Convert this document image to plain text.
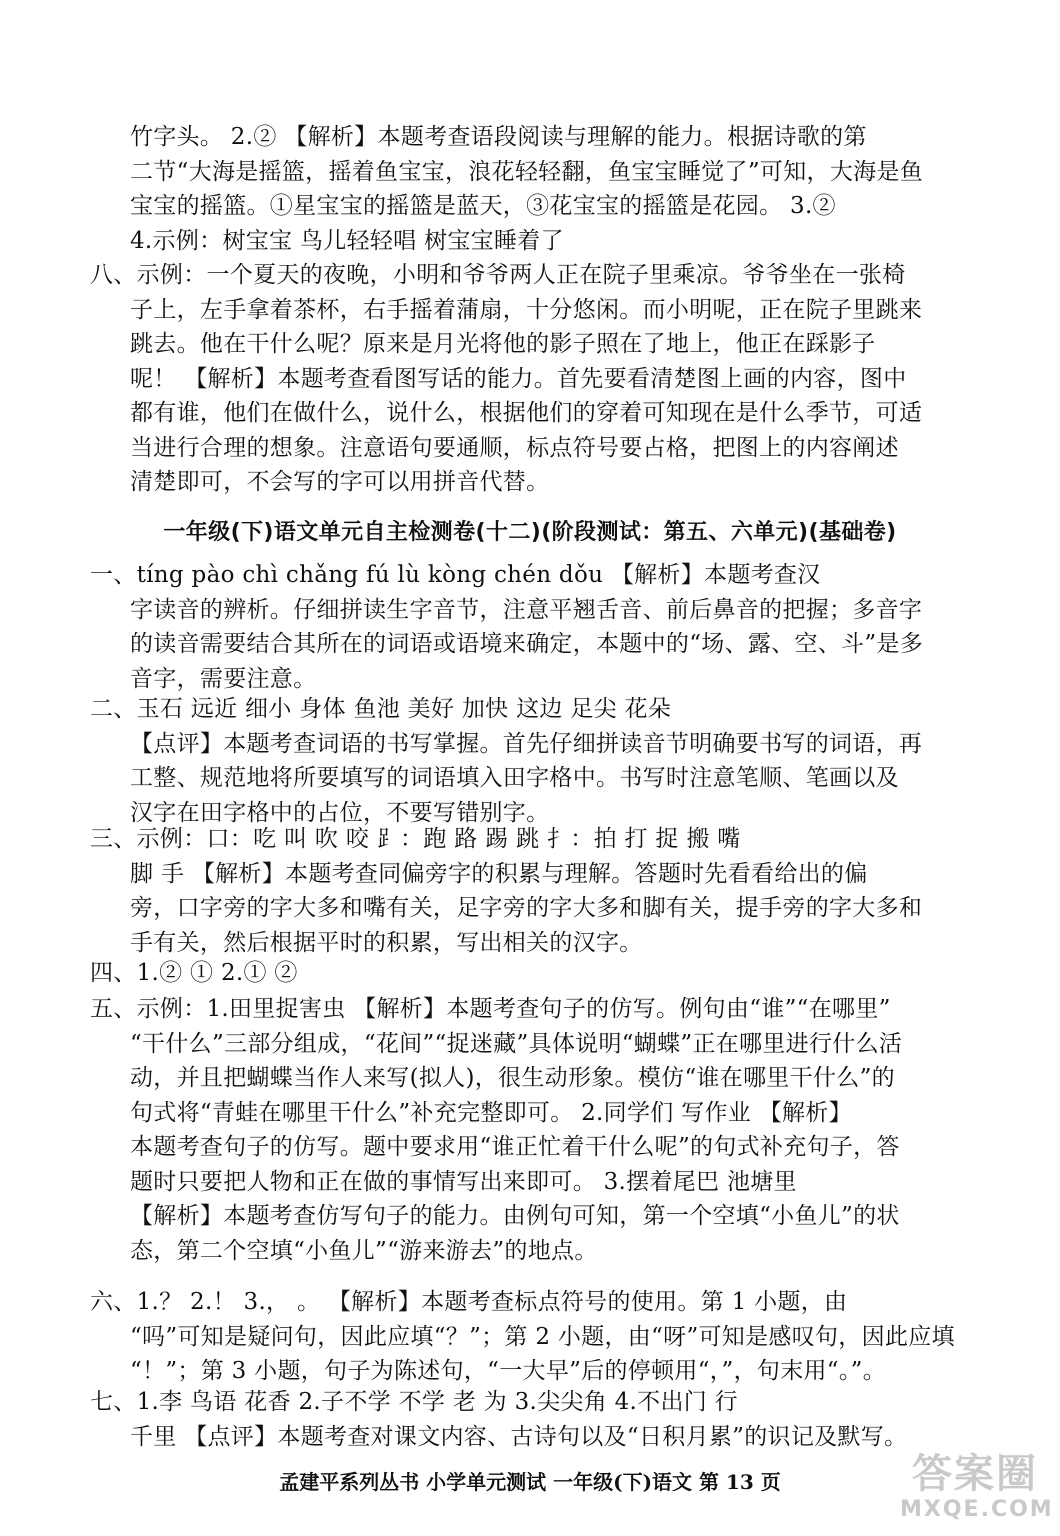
竹字头。 2.② 【解析】本题考查语段阅读与理解的能力。根据诗歌的第

二节“大海是摇篮，摇着鱼宝宝，浪花轻轻翻，鱼宝宝睡觉了”可知，大海是鱼

宝宝的摇篮。①星宝宝的摇篮是蓝天，③花宝宝的摇篮是花园。 3.②

4.示例：树宝宝 鸟儿轻轻唱 树宝宝睡着了

八、示例：一个夏天的夜晚，小明和爷爷两人正在院子里乘凉。爷爷坐在一张椅

子上，左手拿着茶杯，右手摇着蒲扇，十分悠闲。而小明呢，正在院子里跳来

跳去。他在干什么呢？原来是月光将他的影子照在了地上，他正在踩影子

呢！ 【解析】本题考查看图写话的能力。首先要看清楚图上画的内容，图中

都有谁，他们在做什么，说什么，根据他们的穿着可知现在是什么季节，可适

当进行合理的想象。注意语句要通顺，标点符号要占格，把图上的内容阐述

清楚即可，不会写的字可以用拼音代替。

一年级(下)语文单元自主检测卷(十二)(阶段测试：第五、六单元)(基础卷)

一、tíng pào chì chǎng fú lù kòng chén dǒu 【解析】本题考查汉

字读音的辨析。仔细拼读生字音节，注意平翘舌音、前后鼻音的把握；多音字

的读音需要结合其所在的词语或语境来确定，本题中的“场、露、空、斗”是多

音字，需要注意。

二、玉石 远近 细小 身体 鱼池 美好 加快 这边 足尖 花朵

【点评】本题考查词语的书写掌握。首先仔细拼读音节明确要书写的词语，再

工整、规范地将所要填写的词语填入田字格中。书写时注意笔顺、笔画以及

汉字在田字格中的占位，不要写错别字。

三、示例：口：吃 叫 吹 咬 ⻊：跑 路 踢 跳 扌：拍 打 捉 搬 嘴

脚 手 【解析】本题考查同偏旁字的积累与理解。答题时先看看给出的偏

旁，口字旁的字大多和嘴有关，足字旁的字大多和脚有关，提手旁的字大多和

手有关，然后根据平时的积累，写出相关的汉字。

四、1.② ① 2.① ②

五、示例：1.田里捉害虫 【解析】本题考查句子的仿写。例句由“谁”“在哪里”

“干什么”三部分组成，“花间”“捉迷藏”具体说明“蝴蝶”正在哪里进行什么活

动，并且把蝴蝶当作人来写(拟人)，很生动形象。模仿“谁在哪里干什么”的

句式将“青蛙在哪里干什么”补充完整即可。 2.同学们 写作业 【解析】

本题考查句子的仿写。题中要求用“谁正忙着干什么呢”的句式补充句子，答

题时只要把人物和正在做的事情写出来即可。 3.摆着尾巴 池塘里

【解析】本题考查仿写句子的能力。由例句可知，第一个空填“小鱼儿”的状

态，第二个空填“小鱼儿”“游来游去”的地点。

六、1.？ 2.！ 3.， 。 【解析】本题考查标点符号的使用。第 1 小题，由

“吗”可知是疑问句，因此应填“？”；第 2 小题，由“呀”可知是感叹句，因此应填

“！”；第 3 小题，句子为陈述句，“一大早”后的停顿用“，”，句末用“。”。

七、1.李 鸟语 花香 2.子不学 不学 老 为 3.尖尖角 4.不出门 行

千里 【点评】本题考查对课文内容、古诗句以及“日积月累”的识记及默写。

孟建平系列丛书 小学单元测试 一年级(下)语文 第 13 页	答案圈
MXQE.COM
